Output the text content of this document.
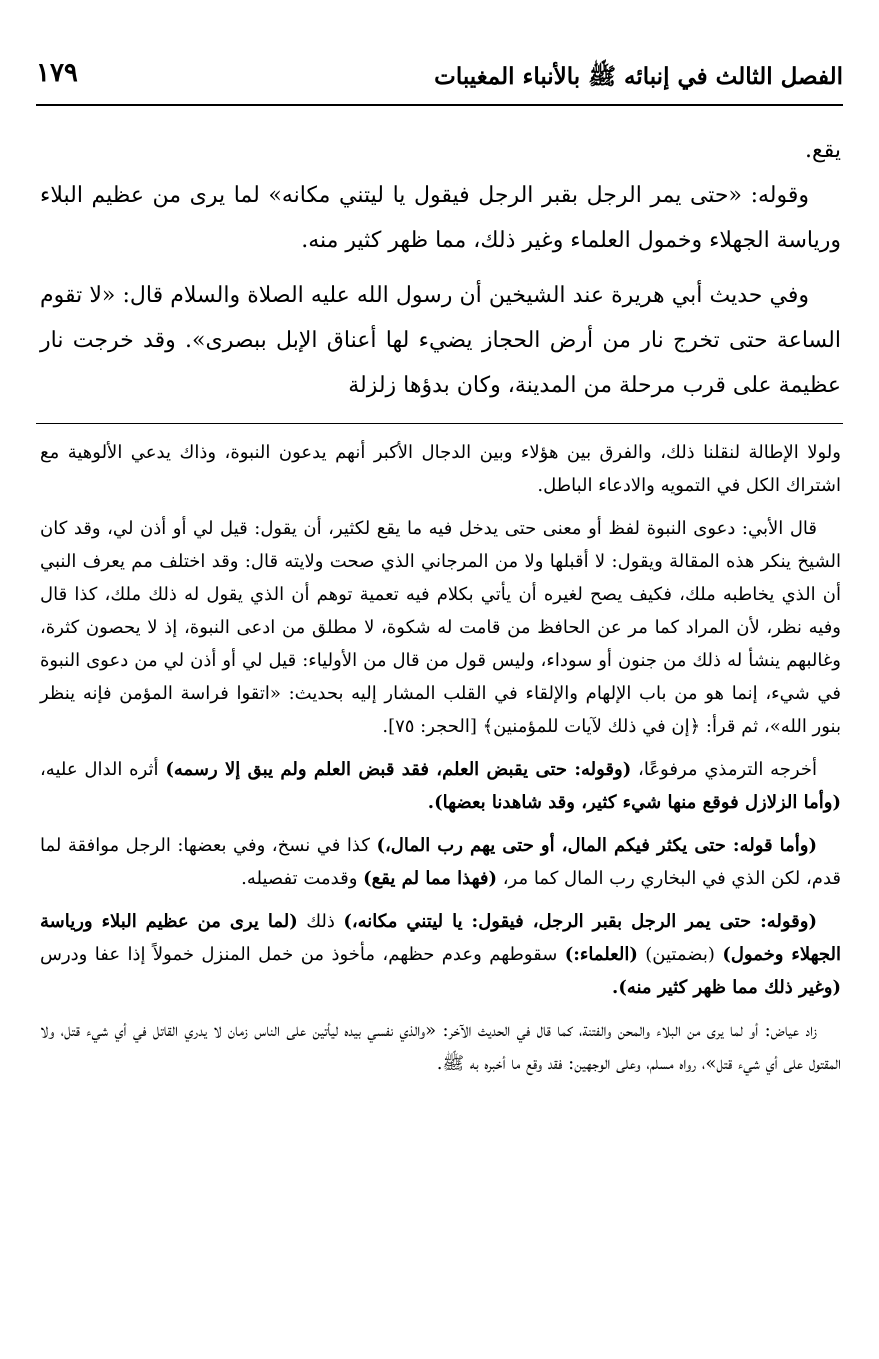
الفصل الثالث في إنبائه ﷺ بالأنباء المغيبات
١٧٩

يقع.

وقوله: «حتى يمر الرجل بقبر الرجل فيقول يا ليتني مكانه» لما يرى من عظيم البلاء ورياسة الجهلاء وخمول العلماء وغير ذلك، مما ظهر كثير منه.

وفي حديث أبي هريرة عند الشيخين أن رسول الله عليه الصلاة والسلام قال: «لا تقوم الساعة حتى تخرج نار من أرض الحجاز يضيء لها أعناق الإبل ببصرى». وقد خرجت نار عظيمة على قرب مرحلة من المدينة، وكان بدؤها زلزلة

ولولا الإطالة لنقلنا ذلك، والفرق بين هؤلاء وبين الدجال الأكبر أنهم يدعون النبوة، وذاك يدعي الألوهية مع اشتراك الكل في التمويه والادعاء الباطل.

قال الأبي: دعوى النبوة لفظ أو معنى حتى يدخل فيه ما يقع لكثير، أن يقول: قيل لي أو أذن لي، وقد كان الشيخ ينكر هذه المقالة ويقول: لا أقبلها ولا من المرجاني الذي صحت ولايته قال: وقد اختلف مم يعرف النبي أن الذي يخاطبه ملك، فكيف يصح لغيره أن يأتي بكلام فيه تعمية توهم أن الذي يقول له ذلك ملك، كذا قال وفيه نظر، لأن المراد كما مر عن الحافظ من قامت له شكوة، لا مطلق من ادعى النبوة، إذ لا يحصون كثرة، وغالبهم ينشأ له ذلك من جنون أو سوداء، وليس قول من قال من الأولياء: قيل لي أو أذن لي من دعوى النبوة في شيء، إنما هو من باب الإلهام والإلقاء في القلب المشار إليه بحديث: «اتقوا فراسة المؤمن فإنه ينظر بنور الله»، ثم قرأ: ﴿إن في ذلك لآيات للمؤمنين﴾ [الحجر: ٧٥].

أخرجه الترمذي مرفوعًا، (وقوله: حتى يقبض العلم، فقد قبض العلم ولم يبق إلا رسمه) أثره الدال عليه، (وأما الزلازل فوقع منها شيء كثير، وقد شاهدنا بعضها).

(وأما قوله: حتى يكثر فيكم المال، أو حتى يهم رب المال،) كذا في نسخ، وفي بعضها: الرجل موافقة لما قدم، لكن الذي في البخاري رب المال كما مر، (فهذا مما لم يقع) وقدمت تفصيله.

(وقوله: حتى يمر الرجل بقبر الرجل، فيقول: يا ليتني مكانه،) ذلك (لما يرى من عظيم البلاء ورياسة الجهلاء وخمول) (بضمتين) (العلماء:) سقوطهم وعدم حظهم، مأخوذ من خمل المنزل خمولاً إذا عفا ودرس (وغير ذلك مما ظهر كثير منه).

زاد عياض: أو لما يرى من البلاء والمحن والفتنة، كما قال في الحديث الآخر: «والذي نفسي بيده ليأتين على الناس زمان لا يدري القاتل في أي شيء قتل، ولا المقتول على أي شيء قتل»، رواه مسلم، وعلى الوجهين: فقد وقع ما أخبره به ﷺ.
